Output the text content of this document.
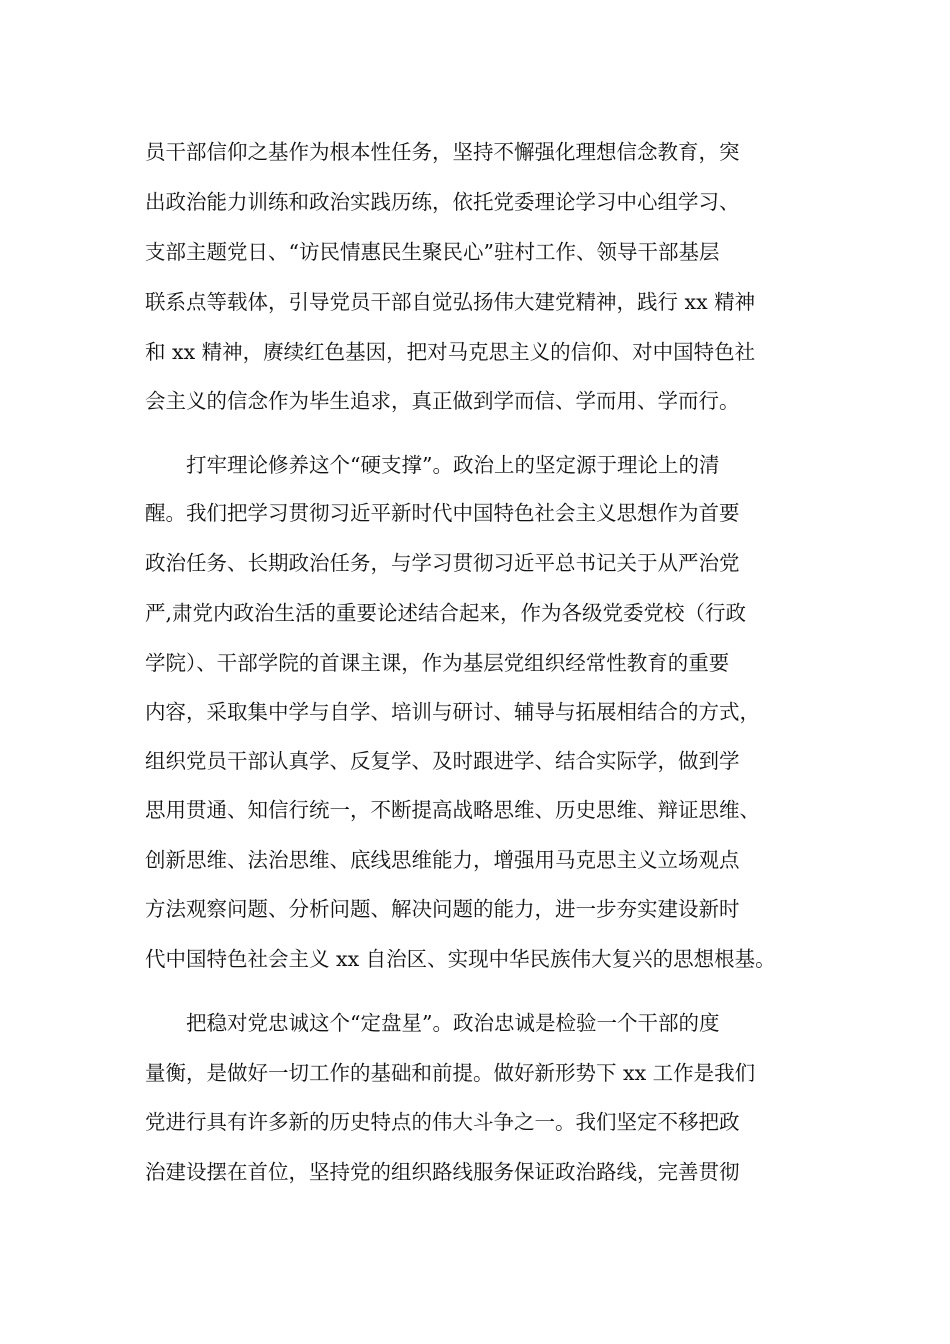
员干部信仰之基作为根本性任务，坚持不懈强化理想信念教育，突
出政治能力训练和政治实践历练，依托党委理论学习中心组学习、
支部主题党日、“访民情惠民生聚民心”驻村工作、领导干部基层
联系点等载体，引导党员干部自觉弘扬伟大建党精神，践行 xx 精神
和 xx 精神，赓续红色基因，把对马克思主义的信仰、对中国特色社
会主义的信念作为毕生追求，真正做到学而信、学而用、学而行。
打牢理论修养这个“硬支撑”。政治上的坚定源于理论上的清
醒。我们把学习贯彻习近平新时代中国特色社会主义思想作为首要
政治任务、长期政治任务，与学习贯彻习近平总书记关于从严治党
严,肃党内政治生活的重要论述结合起来，作为各级党委党校（行政
学院）、干部学院的首课主课，作为基层党组织经常性教育的重要
内容，采取集中学与自学、培训与研讨、辅导与拓展相结合的方式，
组织党员干部认真学、反复学、及时跟进学、结合实际学，做到学
思用贯通、知信行统一，不断提高战略思维、历史思维、辩证思维、
创新思维、法治思维、底线思维能力，增强用马克思主义立场观点
方法观察问题、分析问题、解决问题的能力，进一步夯实建设新时
代中国特色社会主义 xx 自治区、实现中华民族伟大复兴的思想根基。
把稳对党忠诚这个“定盘星”。政治忠诚是检验一个干部的度
量衡，是做好一切工作的基础和前提。做好新形势下 xx 工作是我们
党进行具有许多新的历史特点的伟大斗争之一。我们坚定不移把政
治建设摆在首位，坚持党的组织路线服务保证政治路线，完善贯彻
